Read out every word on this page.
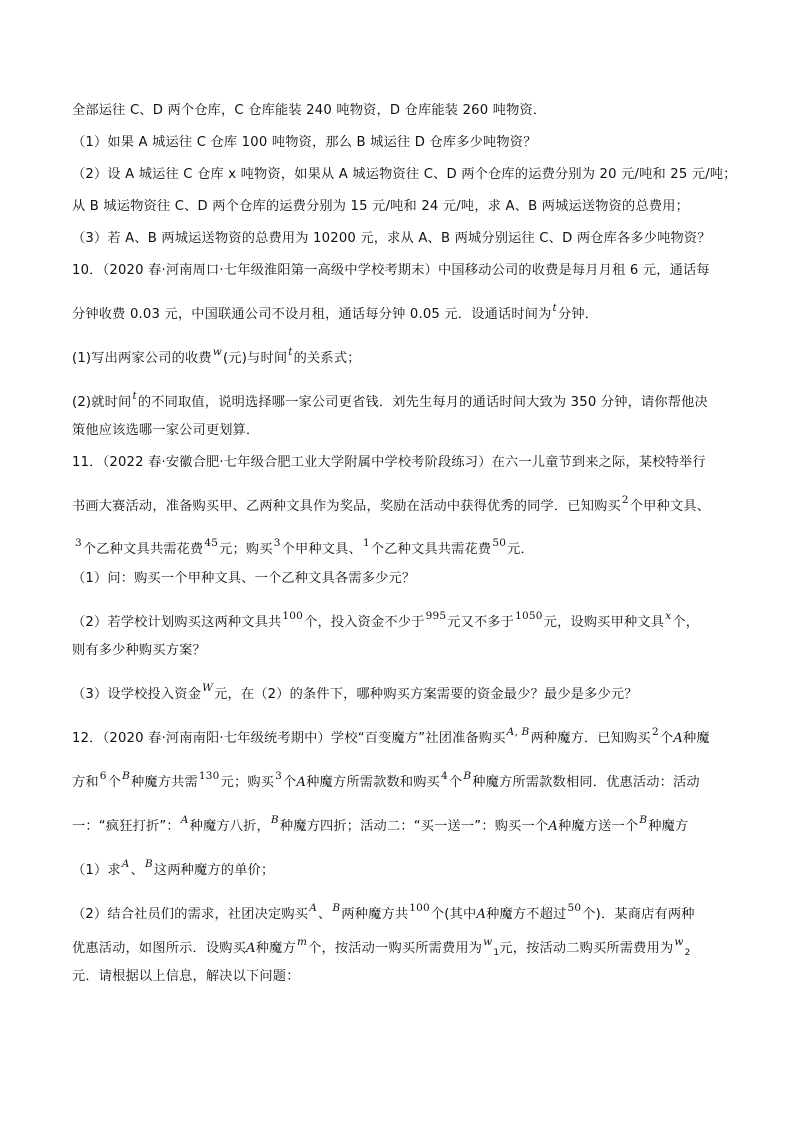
全部运往 C、D 两个仓库，C 仓库能装 240 吨物资，D 仓库能装 260 吨物资．
（1）如果 A 城运往 C 仓库 100 吨物资，那么 B 城运往 D 仓库多少吨物资？
（2）设 A 城运往 C 仓库 x 吨物资，如果从 A 城运物资往 C、D 两个仓库的运费分别为 20 元/吨和 25 元/吨；
从 B 城运物资往 C、D 两个仓库的运费分别为 15 元/吨和 24 元/吨，求 A、B 两城运送物资的总费用；
（3）若 A、B 两城运送物资的总费用为 10200 元，求从 A、B 两城分别运往 C、D 两仓库各多少吨物资？
10．（2020 春·河南周口·七年级淮阳第一高级中学校考期末）中国移动公司的收费是每月月租 6 元，通话每
分钟收费 0.03 元，中国联通公司不设月租，通话每分钟 0.05 元．设通话时间为$^t$分钟．
(1)写出两家公司的收费$^w$(元)与时间$^t$的关系式；
(2)就时间$^t$的不同取值，说明选择哪一家公司更省钱．刘先生每月的通话时间大致为 350 分钟，请你帮他决
策他应该选哪一家公司更划算．
11．（2022 春·安徽合肥·七年级合肥工业大学附属中学校考阶段练习）在六一儿童节到来之际，某校特举行
书画大赛活动，准备购买甲、乙两种文具作为奖品，奖励在活动中获得优秀的同学．已知购买$^2$个甲种文具、
$^3$个乙种文具共需花费$^{45}$元；购买$^3$个甲种文具、$^1$个乙种文具共需花费$^{50}$元．
（1）问：购买一个甲种文具、一个乙种文具各需多少元？
（2）若学校计划购买这两种文具共$^{100}$个，投入资金不少于$^{995}$元又不多于$^{1050}$元，设购买甲种文具$^x$个，
则有多少种购买方案？
（3）设学校投入资金$^W$元，在（2）的条件下，哪种购买方案需要的资金最少？最少是多少元？
12．（2020 春·河南南阳·七年级统考期中）学校“百变魔方”社团准备购买$^{A, B}$两种魔方．已知购买$^2$个A种魔
方和$^6$个$^B$种魔方共需$^{130}$元；购买$^3$个A种魔方所需款数和购买$^4$个$^B$种魔方所需款数相同．优惠活动：活动
一：“疯狂打折”：$^A$种魔方八折，$^B$种魔方四折；活动二：“买一送一”：购买一个A种魔方送一个$^B$种魔方
（1）求$^A$、$^B$这两种魔方的单价；
（2）结合社员们的需求，社团决定购买$^A$、$^B$两种魔方共$^{100}$个(其中A种魔方不超过$^{50}$个)．某商店有两种
优惠活动，如图所示．设购买A种魔方$^m$个，按活动一购买所需费用为$^w_1$元，按活动二购买所需费用为$^w_2$
元．请根据以上信息，解决以下问题：
